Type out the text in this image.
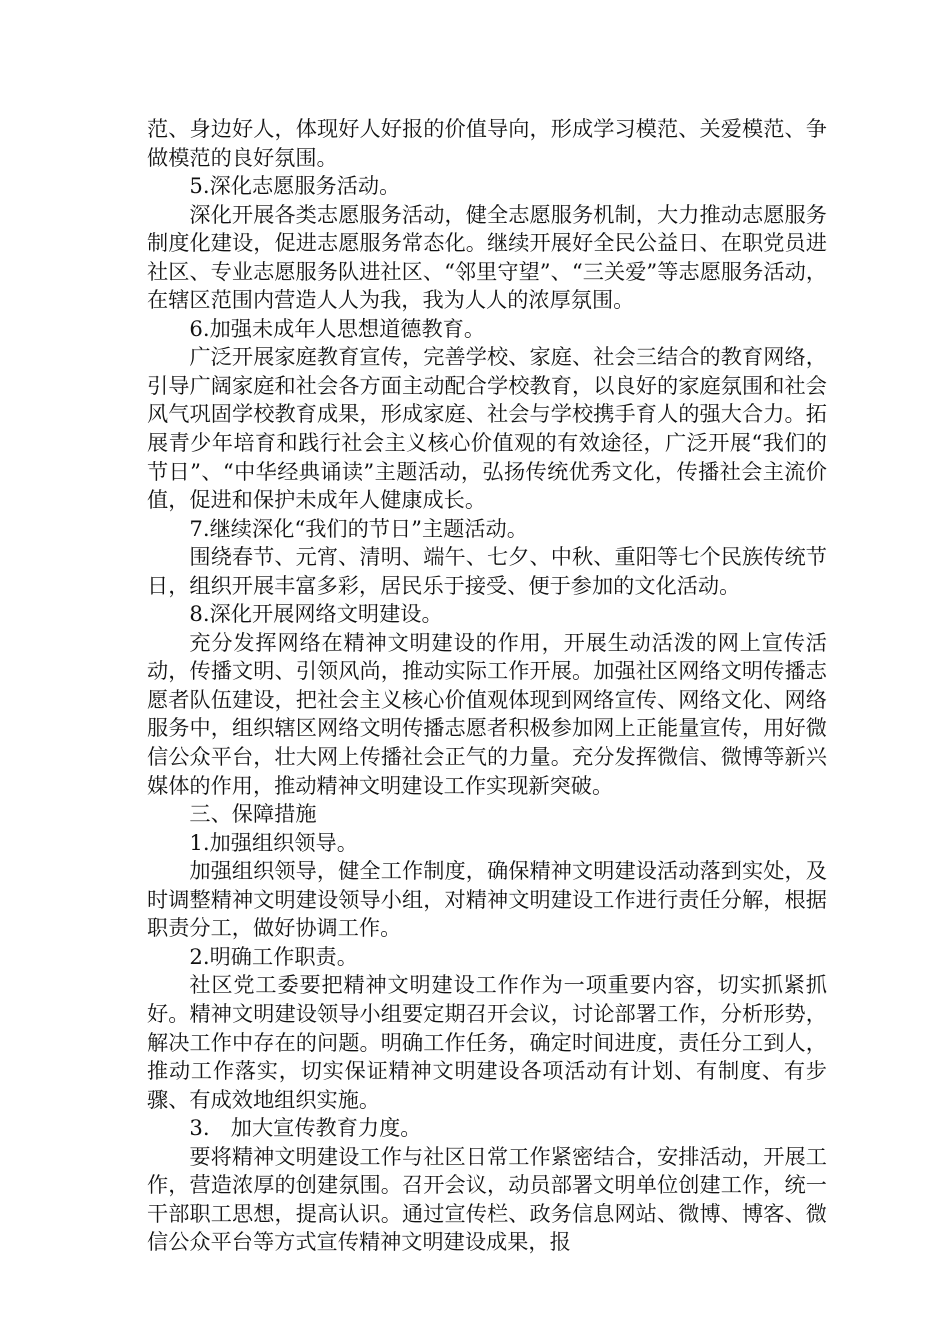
范、身边好人，体现好人好报的价值导向，形成学习模范、关爱模范、争做模范的良好氛围。

5.深化志愿服务活动。

深化开展各类志愿服务活动，健全志愿服务机制，大力推动志愿服务制度化建设，促进志愿服务常态化。继续开展好全民公益日、在职党员进社区、专业志愿服务队进社区、“邻里守望”、“三关爱”等志愿服务活动，在辖区范围内营造人人为我，我为人人的浓厚氛围。

6.加强未成年人思想道德教育。

广泛开展家庭教育宣传，完善学校、家庭、社会三结合的教育网络，引导广阔家庭和社会各方面主动配合学校教育，以良好的家庭氛围和社会风气巩固学校教育成果，形成家庭、社会与学校携手育人的强大合力。拓展青少年培育和践行社会主义核心价值观的有效途径，广泛开展“我们的节日”、“中华经典诵读”主题活动，弘扬传统优秀文化，传播社会主流价值，促进和保护未成年人健康成长。

7.继续深化“我们的节日”主题活动。

围绕春节、元宵、清明、端午、七夕、中秋、重阳等七个民族传统节日，组织开展丰富多彩，居民乐于接受、便于参加的文化活动。

8.深化开展网络文明建设。

充分发挥网络在精神文明建设的作用，开展生动活泼的网上宣传活动，传播文明、引领风尚，推动实际工作开展。加强社区网络文明传播志愿者队伍建设，把社会主义核心价值观体现到网络宣传、网络文化、网络服务中，组织辖区网络文明传播志愿者积极参加网上正能量宣传，用好微信公众平台，壮大网上传播社会正气的力量。充分发挥微信、微博等新兴媒体的作用，推动精神文明建设工作实现新突破。

三、保障措施

1.加强组织领导。

加强组织领导，健全工作制度，确保精神文明建设活动落到实处，及时调整精神文明建设领导小组，对精神文明建设工作进行责任分解，根据职责分工，做好协调工作。

2.明确工作职责。

社区党工委要把精神文明建设工作作为一项重要内容，切实抓紧抓好。精神文明建设领导小组要定期召开会议，讨论部署工作，分析形势，解决工作中存在的问题。明确工作任务，确定时间进度，责任分工到人，推动工作落实，切实保证精神文明建设各项活动有计划、有制度、有步骤、有成效地组织实施。

3.　加大宣传教育力度。

要将精神文明建设工作与社区日常工作紧密结合，安排活动，开展工作，营造浓厚的创建氛围。召开会议，动员部署文明单位创建工作，统一干部职工思想，提高认识。通过宣传栏、政务信息网站、微博、博客、微信公众平台等方式宣传精神文明建设成果，报
